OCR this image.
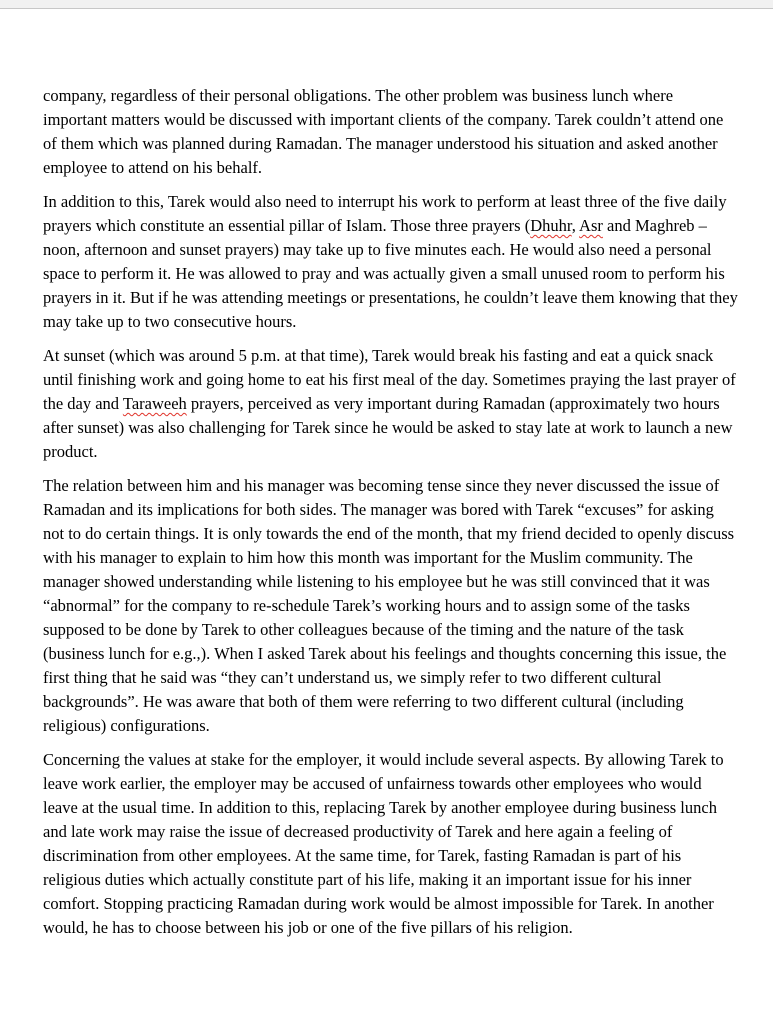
company, regardless of their personal obligations. The other problem was business lunch where important matters would be discussed with important clients of the company. Tarek couldn’t attend one of them which was planned during Ramadan. The manager understood his situation and asked another employee to attend on his behalf.

In addition to this, Tarek would also need to interrupt his work to perform at least three of the five daily prayers which constitute an essential pillar of Islam. Those three prayers (Dhuhr, Asr and Maghreb – noon, afternoon and sunset prayers) may take up to five minutes each. He would also need a personal space to perform it. He was allowed to pray and was actually given a small unused room to perform his prayers in it. But if he was attending meetings or presentations, he couldn’t leave them knowing that they may take up to two consecutive hours.

At sunset (which was around 5 p.m. at that time), Tarek would break his fasting and eat a quick snack until finishing work and going home to eat his first meal of the day. Sometimes praying the last prayer of the day and Taraweeh prayers, perceived as very important during Ramadan (approximately two hours after sunset) was also challenging for Tarek since he would be asked to stay late at work to launch a new product.

The relation between him and his manager was becoming tense since they never discussed the issue of Ramadan and its implications for both sides. The manager was bored with Tarek “excuses” for asking not to do certain things. It is only towards the end of the month, that my friend decided to openly discuss with his manager to explain to him how this month was important for the Muslim community. The manager showed understanding while listening to his employee but he was still convinced that it was “abnormal” for the company to re-schedule Tarek’s working hours and to assign some of the tasks supposed to be done by Tarek to other colleagues because of the timing and the nature of the task (business lunch for e.g.,). When I asked Tarek about his feelings and thoughts concerning this issue, the first thing that he said was “they can’t understand us, we simply refer to two different cultural backgrounds”. He was aware that both of them were referring to two different cultural (including religious) configurations.

Concerning the values at stake for the employer, it would include several aspects. By allowing Tarek to leave work earlier, the employer may be accused of unfairness towards other employees who would leave at the usual time. In addition to this, replacing Tarek by another employee during business lunch and late work may raise the issue of decreased productivity of Tarek and here again a feeling of discrimination from other employees. At the same time, for Tarek, fasting Ramadan is part of his religious duties which actually constitute part of his life, making it an important issue for his inner comfort. Stopping practicing Ramadan during work would be almost impossible for Tarek. In another would, he has to choose between his job or one of the five pillars of his religion.
